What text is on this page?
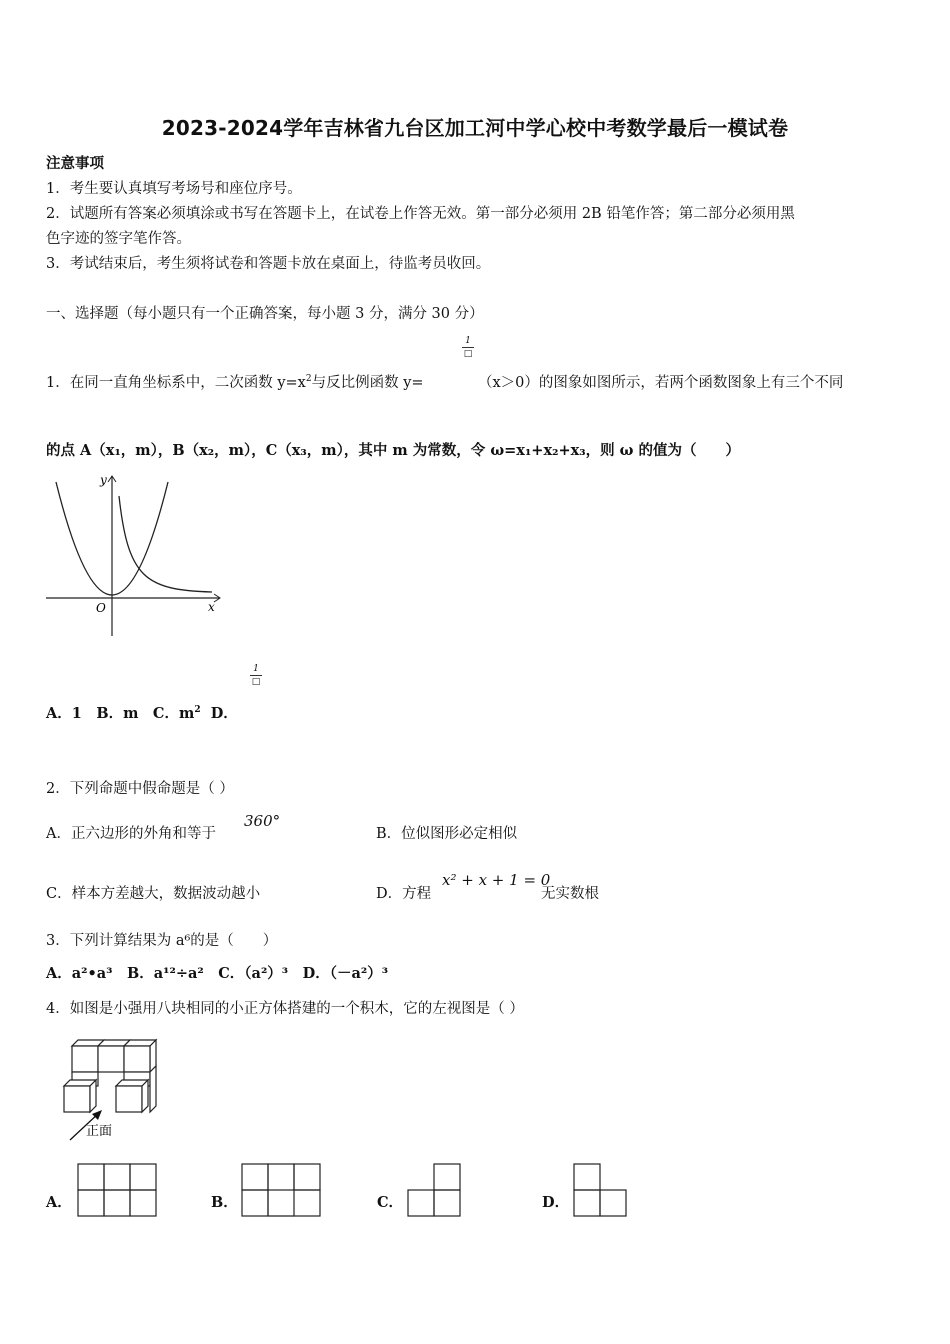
2023-2024学年吉林省九台区加工河中学心校中考数学最后一模试卷
注意事项
1．考生要认真填写考场号和座位序号。
2．试题所有答案必须填涂或书写在答题卡上，在试卷上作答无效。第一部分必须用 2B 铅笔作答；第二部分必须用黑
色字迹的签字笔作答。
3．考试结束后，考生须将试卷和答题卡放在桌面上，待监考员收回。
一、选择题（每小题只有一个正确答案，每小题 3 分，满分 30 分）
1
□
1．在同一直角坐标系中，二次函数 $y=x^2$与反比例函数 y=	（x＞0）的图象如图所示，若两个函数图象上有三个不同
的点 A（x₁，m），B（x₂，m），C（x₃，m），其中 m 为常数，令 ω=x₁+x₂+x₃，则 ω 的值为（　　）
y
x
O
1
□
A．1　B．m　C．$m^2$ D．
2．下列命题中假命题是（ ）
A．正六边形的外角和等于
360°
B．位似图形必定相似
C．样本方差越大，数据波动越小	D．方程
x² + x + 1 = 0
无实数根
3．下列计算结果为 a⁶的是（　　）
A．a²•a³　B．a¹²÷a²　C．（a²）³　D．（－a²）³
4．如图是小强用八块相同的小正方体搭建的一个积木，它的左视图是（ ）
正面
A．	B．	C．	D．
